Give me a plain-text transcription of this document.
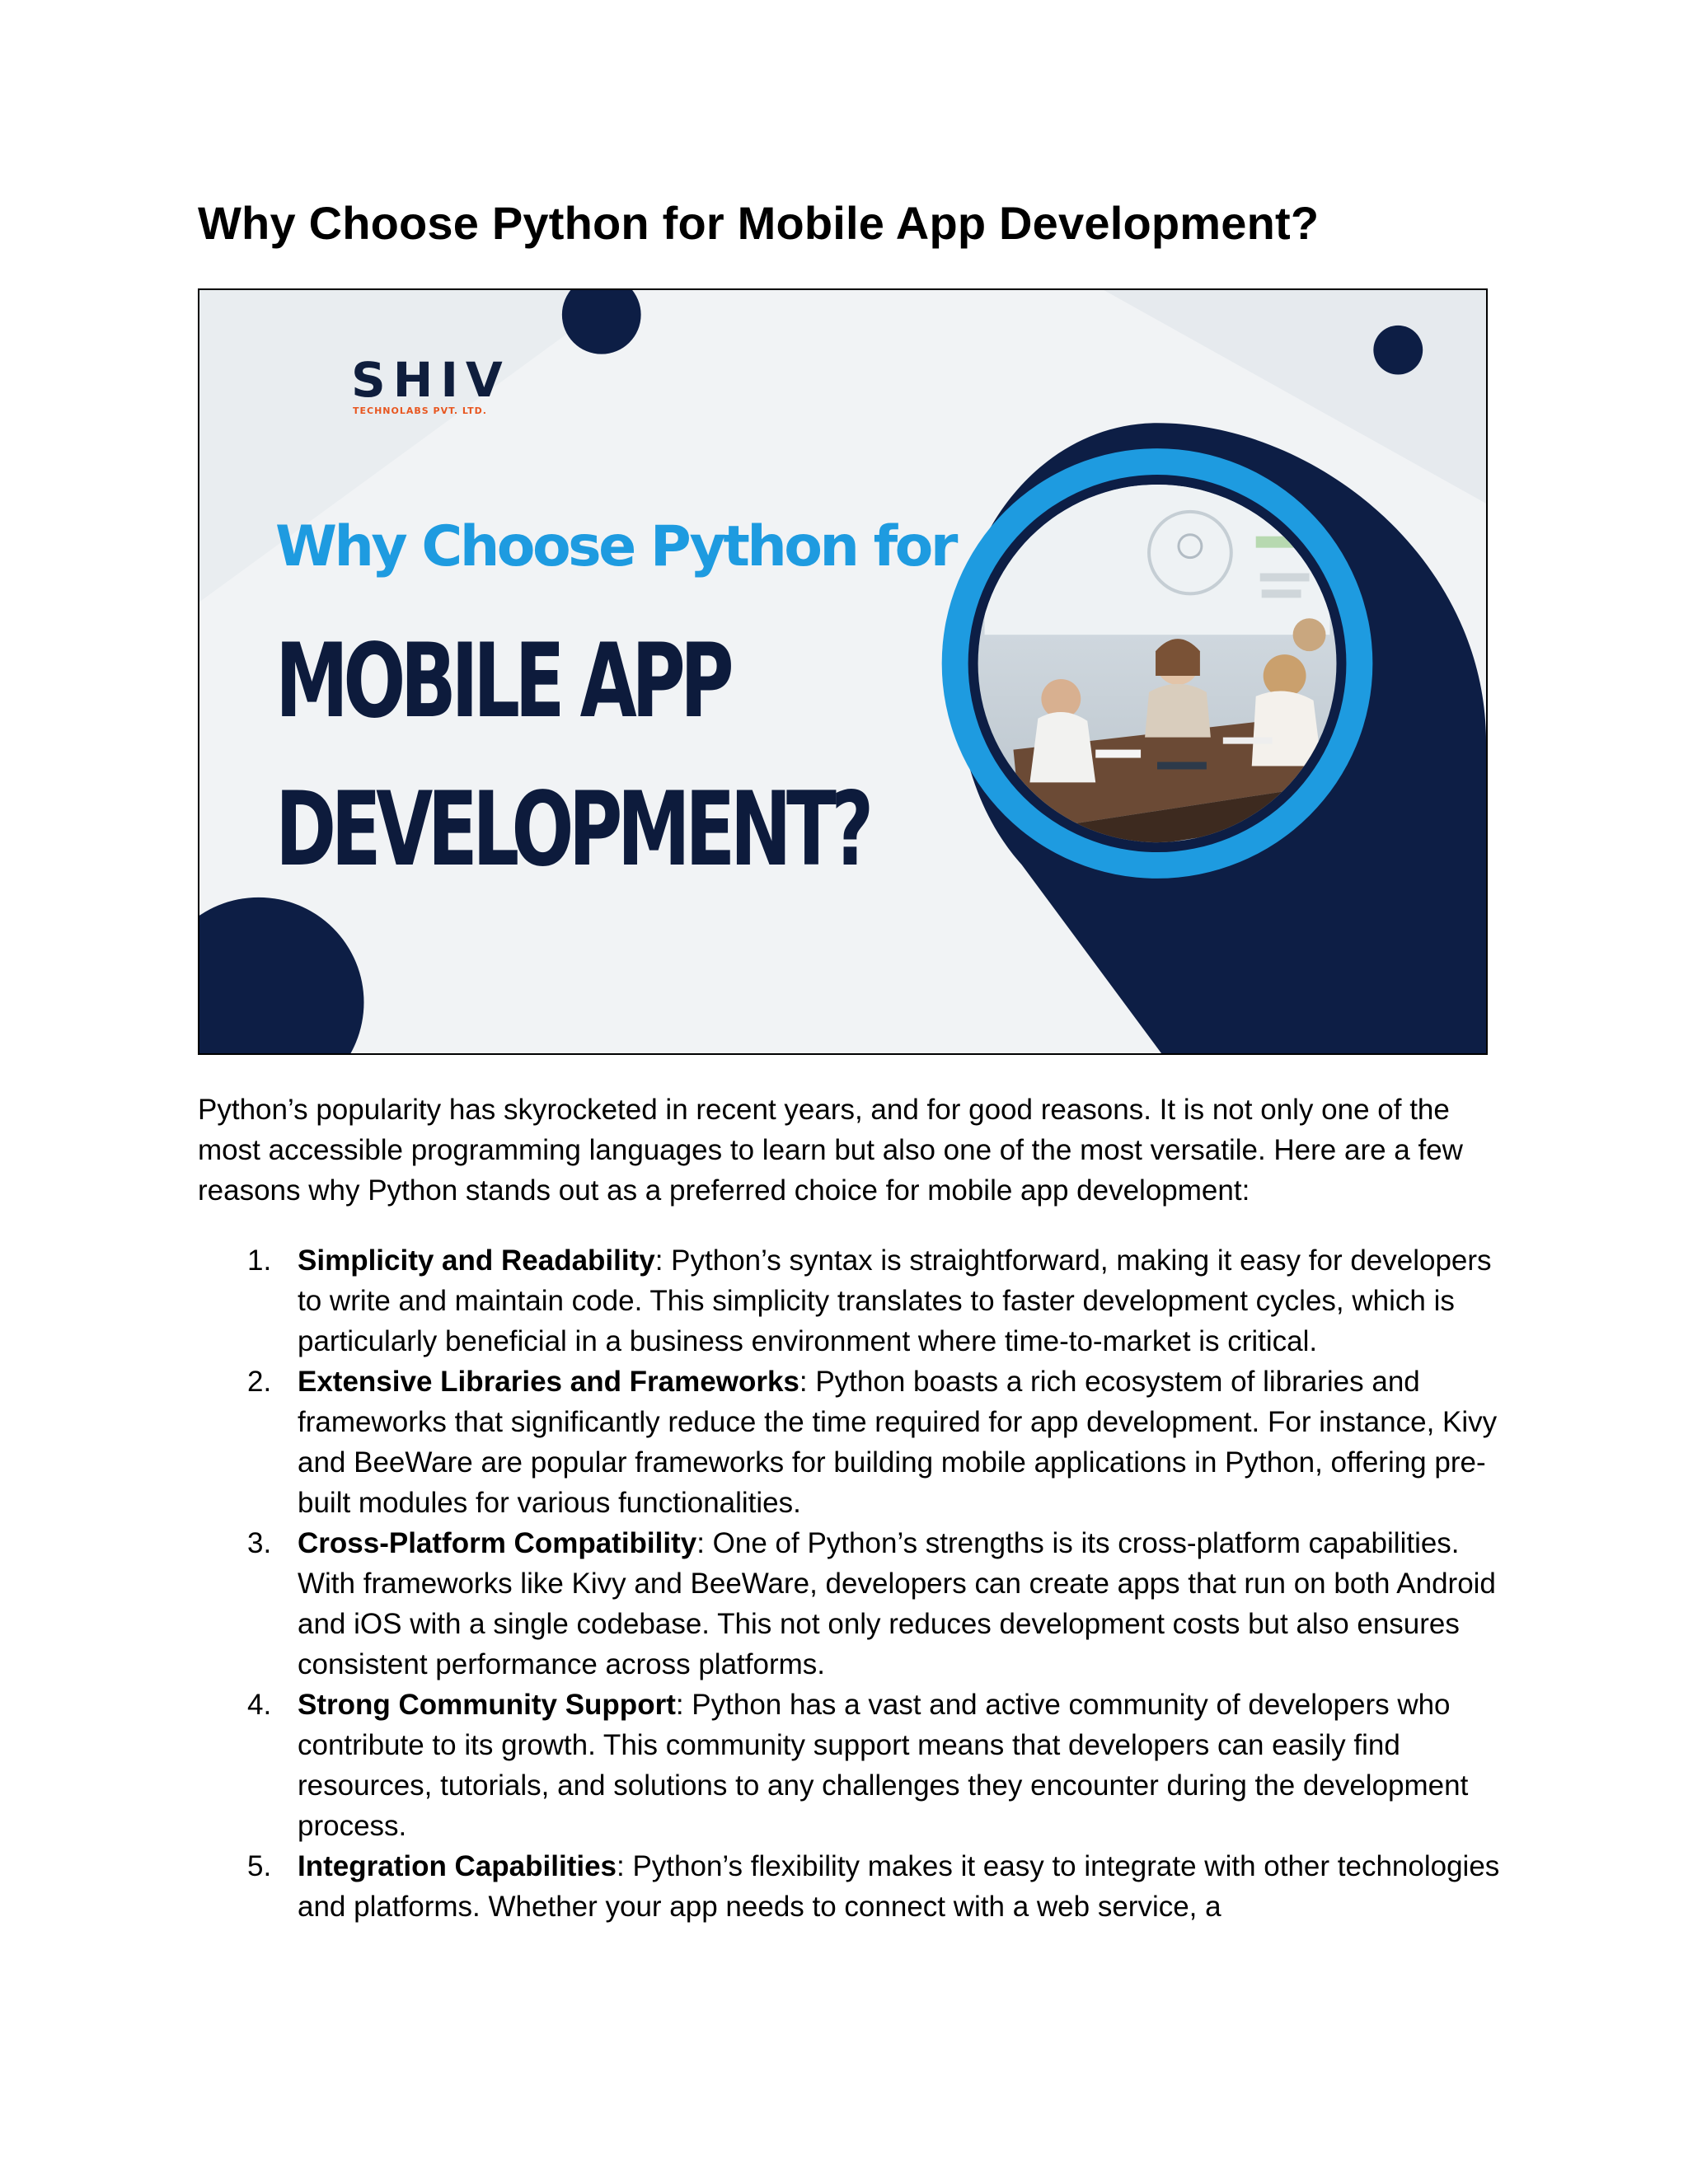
Why Choose Python for Mobile App Development?
SHIV
TECHNOLABS PVT. LTD.

Why Choose Python for

MOBILE APP

DEVELOPMENT?

Python’s popularity has skyrocketed in recent years, and for good reasons. It is not only one of the most accessible programming languages to learn but also one of the most versatile. Here are a few reasons why Python stands out as a preferred choice for mobile app development:

1. Simplicity and Readability: Python’s syntax is straightforward, making it easy for developers to write and maintain code. This simplicity translates to faster development cycles, which is particularly beneficial in a business environment where time-to-market is critical.
2. Extensive Libraries and Frameworks: Python boasts a rich ecosystem of libraries and frameworks that significantly reduce the time required for app development. For instance, Kivy and BeeWare are popular frameworks for building mobile applications in Python, offering pre-built modules for various functionalities.
3. Cross-Platform Compatibility: One of Python’s strengths is its cross-platform capabilities. With frameworks like Kivy and BeeWare, developers can create apps that run on both Android and iOS with a single codebase. This not only reduces development costs but also ensures consistent performance across platforms.
4. Strong Community Support: Python has a vast and active community of developers who contribute to its growth. This community support means that developers can easily find resources, tutorials, and solutions to any challenges they encounter during the development process.
5. Integration Capabilities: Python’s flexibility makes it easy to integrate with other technologies and platforms. Whether your app needs to connect with a web service, a
